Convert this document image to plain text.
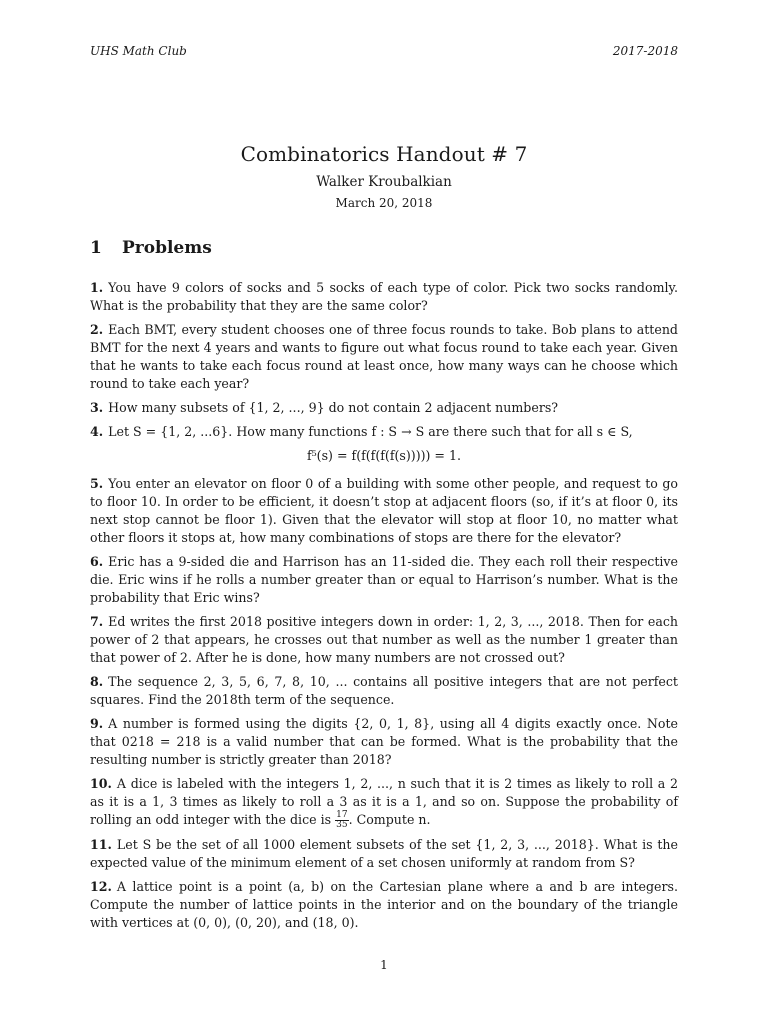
UHS Math Club	2017-2018
Combinatorics Handout # 7
Walker Kroubalkian
March 20, 2018
1 Problems

1. You have 9 colors of socks and 5 socks of each type of color. Pick two socks randomly. What is the probability that they are the same color?

2. Each BMT, every student chooses one of three focus rounds to take. Bob plans to attend BMT for the next 4 years and wants to figure out what focus round to take each year. Given that he wants to take each focus round at least once, how many ways can he choose which round to take each year?

3. How many subsets of {1, 2, ..., 9} do not contain 2 adjacent numbers?

4. Let S = {1, 2, ...6}. How many functions f : S → S are there such that for all s ∈ S,

f⁵(s) = f(f(f(f(f(s))))) = 1.

5. You enter an elevator on floor 0 of a building with some other people, and request to go to floor 10. In order to be efficient, it doesn’t stop at adjacent floors (so, if it’s at floor 0, its next stop cannot be floor 1). Given that the elevator will stop at floor 10, no matter what other floors it stops at, how many combinations of stops are there for the elevator?

6. Eric has a 9-sided die and Harrison has an 11-sided die. They each roll their respective die. Eric wins if he rolls a number greater than or equal to Harrison’s number. What is the probability that Eric wins?

7. Ed writes the first 2018 positive integers down in order: 1, 2, 3, ..., 2018. Then for each power of 2 that appears, he crosses out that number as well as the number 1 greater than that power of 2. After he is done, how many numbers are not crossed out?

8. The sequence 2, 3, 5, 6, 7, 8, 10, ... contains all positive integers that are not perfect squares. Find the 2018th term of the sequence.

9. A number is formed using the digits {2, 0, 1, 8}, using all 4 digits exactly once. Note that 0218 = 218 is a valid number that can be formed. What is the probability that the resulting number is strictly greater than 2018?

10. A dice is labeled with the integers 1, 2, ..., n such that it is 2 times as likely to roll a 2 as it is a 1, 3 times as likely to roll a 3 as it is a 1, and so on. Suppose the probability of rolling an odd integer with the dice is $\frac{17}{35}$ . Compute n.

11. Let S be the set of all 1000 element subsets of the set {1, 2, 3, ..., 2018}. What is the expected value of the minimum element of a set chosen uniformly at random from S?

12. A lattice point is a point (a, b) on the Cartesian plane where a and b are integers. Compute the number of lattice points in the interior and on the boundary of the triangle with vertices at (0, 0), (0, 20), and (18, 0).

1
